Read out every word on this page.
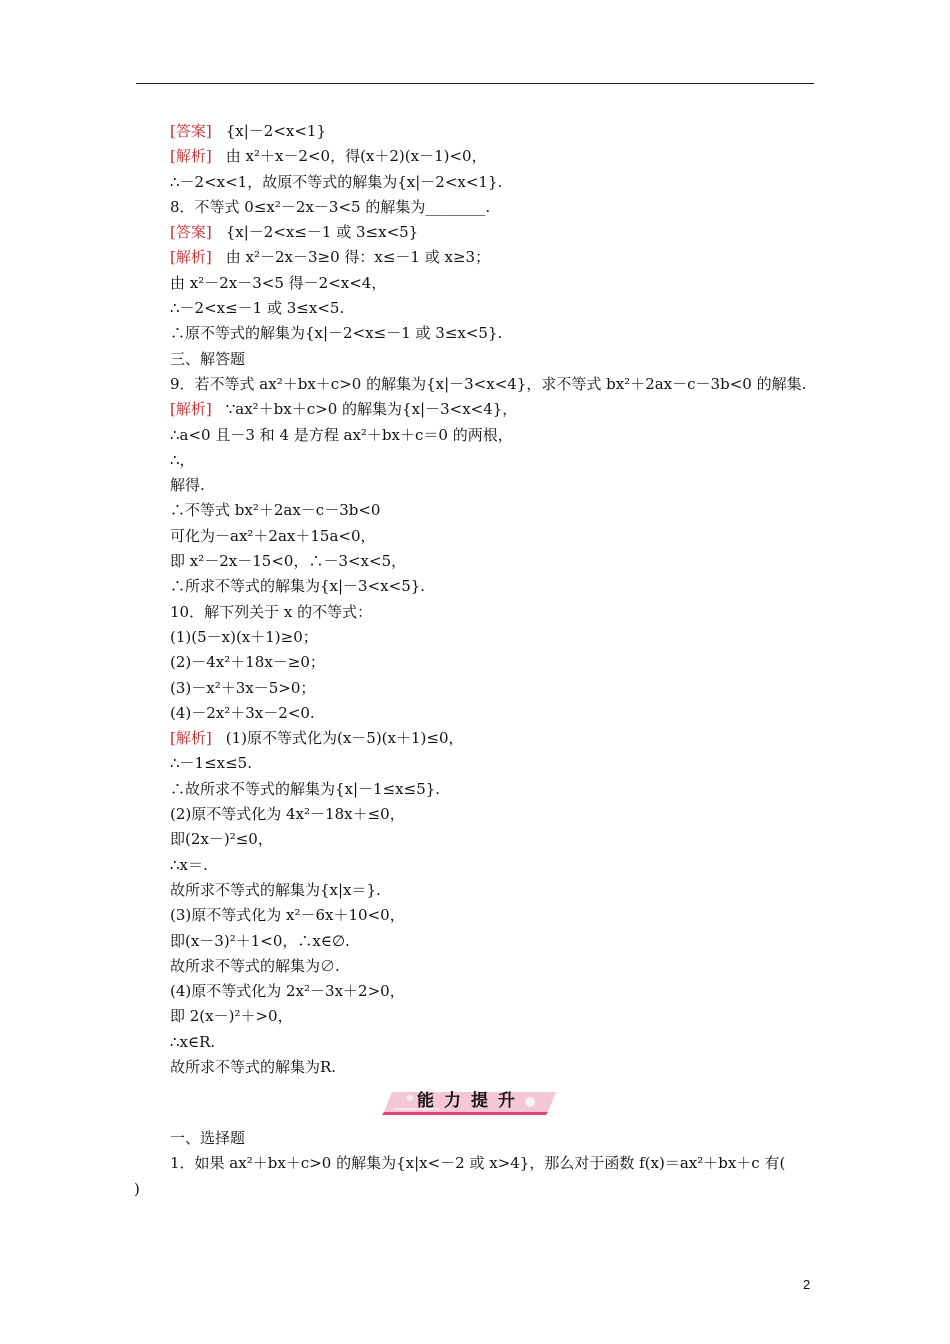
[答案] {x|－2<x<1}
[解析] 由 x²＋x－2<0，得(x＋2)(x－1)<0，
∴－2<x<1，故原不等式的解集为{x|－2<x<1}.
8．不等式 0≤x²－2x－3<5 的解集为________.
[答案] {x|－2<x≤－1 或 3≤x<5}
[解析] 由 x²－2x－3≥0 得：x≤－1 或 x≥3；
由 x²－2x－3<5 得－2<x<4，
∴－2<x≤－1 或 3≤x<5.
∴原不等式的解集为{x|－2<x≤－1 或 3≤x<5}.
三、解答题
9．若不等式 ax²＋bx＋c>0 的解集为{x|－3<x<4}，求不等式 bx²＋2ax－c－3b<0 的解集.
[解析] ∵ax²＋bx＋c>0 的解集为{x|－3<x<4}，
∴a<0 且－3 和 4 是方程 ax²＋bx＋c＝0 的两根，
∴，
解得.
∴不等式 bx²＋2ax－c－3b<0
可化为－ax²＋2ax＋15a<0，
即 x²－2x－15<0，∴－3<x<5，
∴所求不等式的解集为{x|－3<x<5}.
10．解下列关于 x 的不等式：
(1)(5－x)(x＋1)≥0；
(2)－4x²＋18x－≥0；
(3)－x²＋3x－5>0；
(4)－2x²＋3x－2<0.
[解析] (1)原不等式化为(x－5)(x＋1)≤0，
∴－1≤x≤5.
∴故所求不等式的解集为{x|－1≤x≤5}.
(2)原不等式化为 4x²－18x＋≤0，
即(2x－)²≤0，
∴x＝.
故所求不等式的解集为{x|x＝}.
(3)原不等式化为 x²－6x＋10<0，
即(x－3)²＋1<0，∴x∈∅.
故所求不等式的解集为∅.
(4)原不等式化为 2x²－3x＋2>0，
即 2(x－)²＋>0，
∴x∈R.
故所求不等式的解集为R.
能力提升
一、选择题
1．如果 ax²＋bx＋c>0 的解集为{x|x<－2 或 x>4}，那么对于函数 f(x)＝ax²＋bx＋c 有(
)
2
